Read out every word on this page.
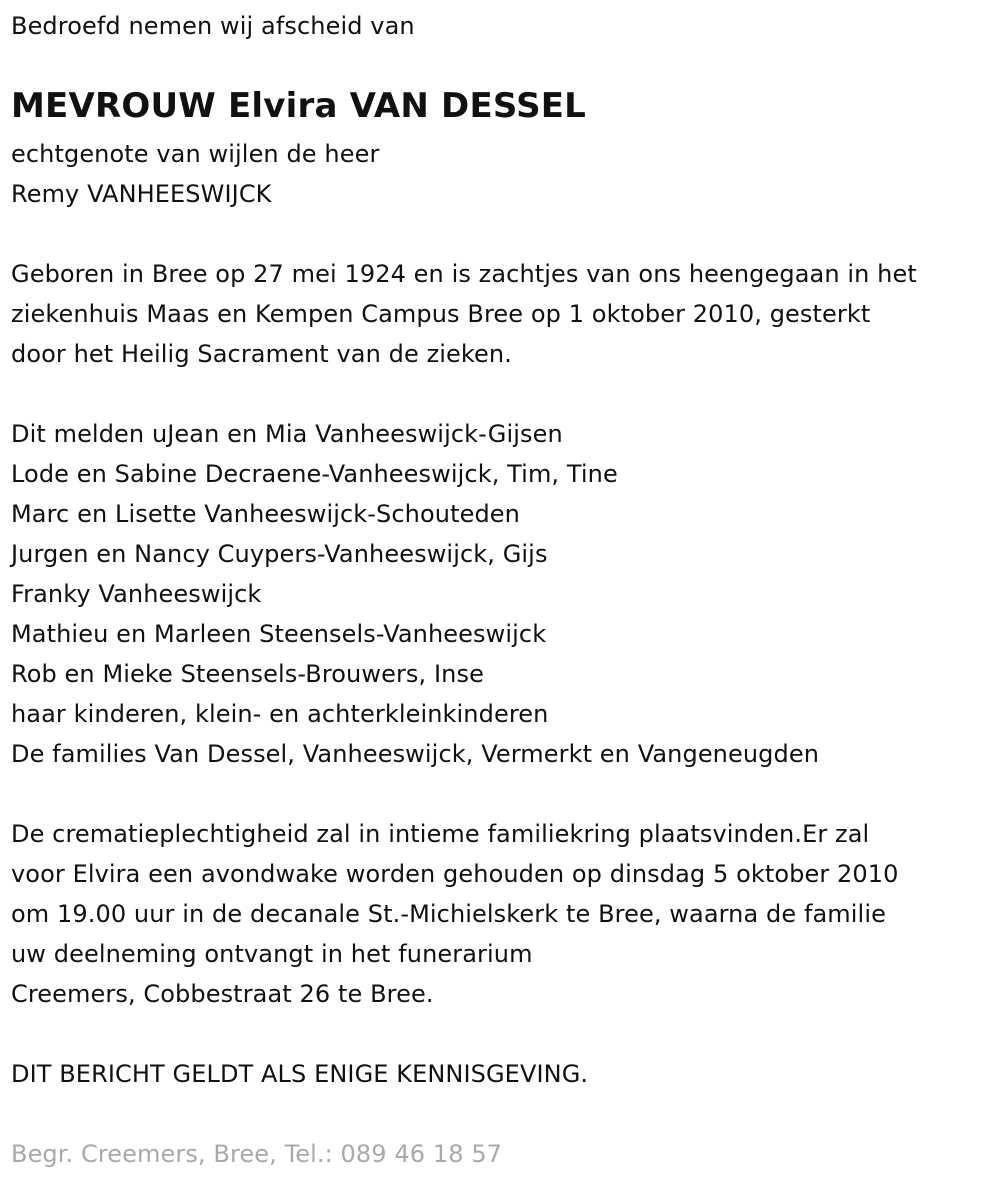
Bedroefd nemen wij afscheid van
MEVROUW Elvira VAN DESSEL
echtgenote van wijlen de heer
Remy VANHEESWIJCK
Geboren in Bree op 27 mei 1924 en is zachtjes van ons heengegaan in het
ziekenhuis Maas en Kempen Campus Bree op 1 oktober 2010, gesterkt
door het Heilig Sacrament van de zieken.
Dit melden uJean en Mia Vanheeswijck-Gijsen
Lode en Sabine Decraene-Vanheeswijck, Tim, Tine
Marc en Lisette Vanheeswijck-Schouteden
Jurgen en Nancy Cuypers-Vanheeswijck, Gijs
Franky Vanheeswijck
Mathieu en Marleen Steensels-Vanheeswijck
Rob en Mieke Steensels-Brouwers, Inse
haar kinderen, klein- en achterkleinkinderen
De families Van Dessel, Vanheeswijck, Vermerkt en Vangeneugden
De crematieplechtigheid zal in intieme familiekring plaatsvinden.Er zal
voor Elvira een avondwake worden gehouden op dinsdag 5 oktober 2010
om 19.00 uur in de decanale St.-Michielskerk te Bree, waarna de familie
uw deelneming ontvangt in het funerarium
Creemers, Cobbestraat 26 te Bree.
DIT BERICHT GELDT ALS ENIGE KENNISGEVING.
Begr. Creemers, Bree, Tel.: 089 46 18 57
